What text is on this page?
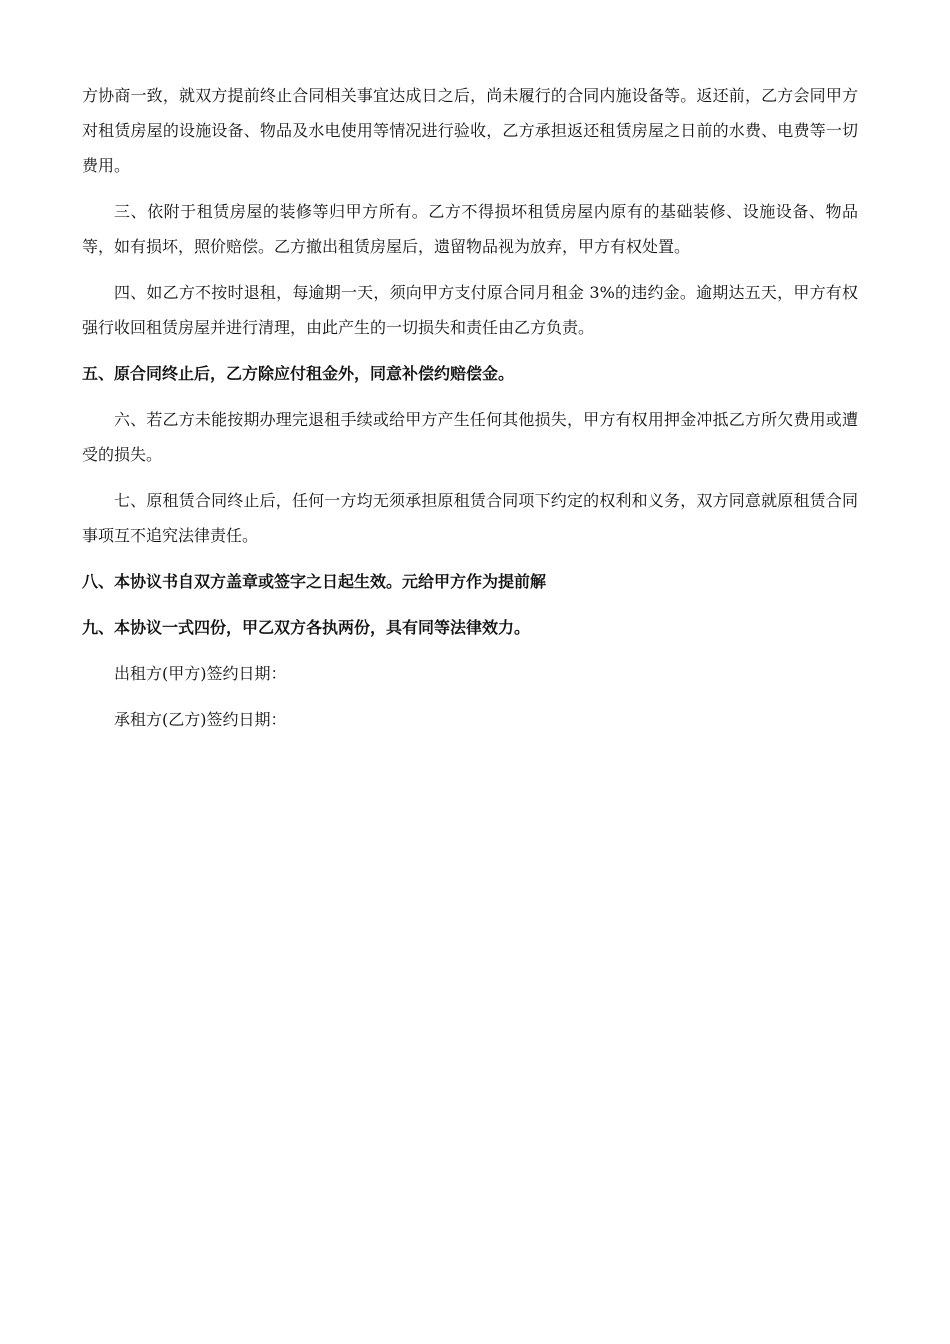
方协商一致，就双方提前终止合同相关事宜达成日之后，尚未履行的合同内施设备等。返还前，乙方会同甲方对租赁房屋的设施设备、物品及水电使用等情况进行验收，乙方承担返还租赁房屋之日前的水费、电费等一切费用。

三、依附于租赁房屋的装修等归甲方所有。乙方不得损坏租赁房屋内原有的基础装修、设施设备、物品等，如有损坏，照价赔偿。乙方撤出租赁房屋后，遗留物品视为放弃，甲方有权处置。

四、如乙方不按时退租，每逾期一天，须向甲方支付原合同月租金 3%的违约金。逾期达五天，甲方有权强行收回租赁房屋并进行清理，由此产生的一切损失和责任由乙方负责。

五、原合同终止后，乙方除应付租金外，同意补偿约赔偿金。

六、若乙方未能按期办理完退租手续或给甲方产生任何其他损失，甲方有权用押金冲抵乙方所欠费用或遭受的损失。

七、原租赁合同终止后，任何一方均无须承担原租赁合同项下约定的权利和义务，双方同意就原租赁合同事项互不追究法律责任。

八、本协议书自双方盖章或签字之日起生效。元给甲方作为提前解

九、本协议一式四份，甲乙双方各执两份，具有同等法律效力。

出租方(甲方)签约日期：

承租方(乙方)签约日期：
